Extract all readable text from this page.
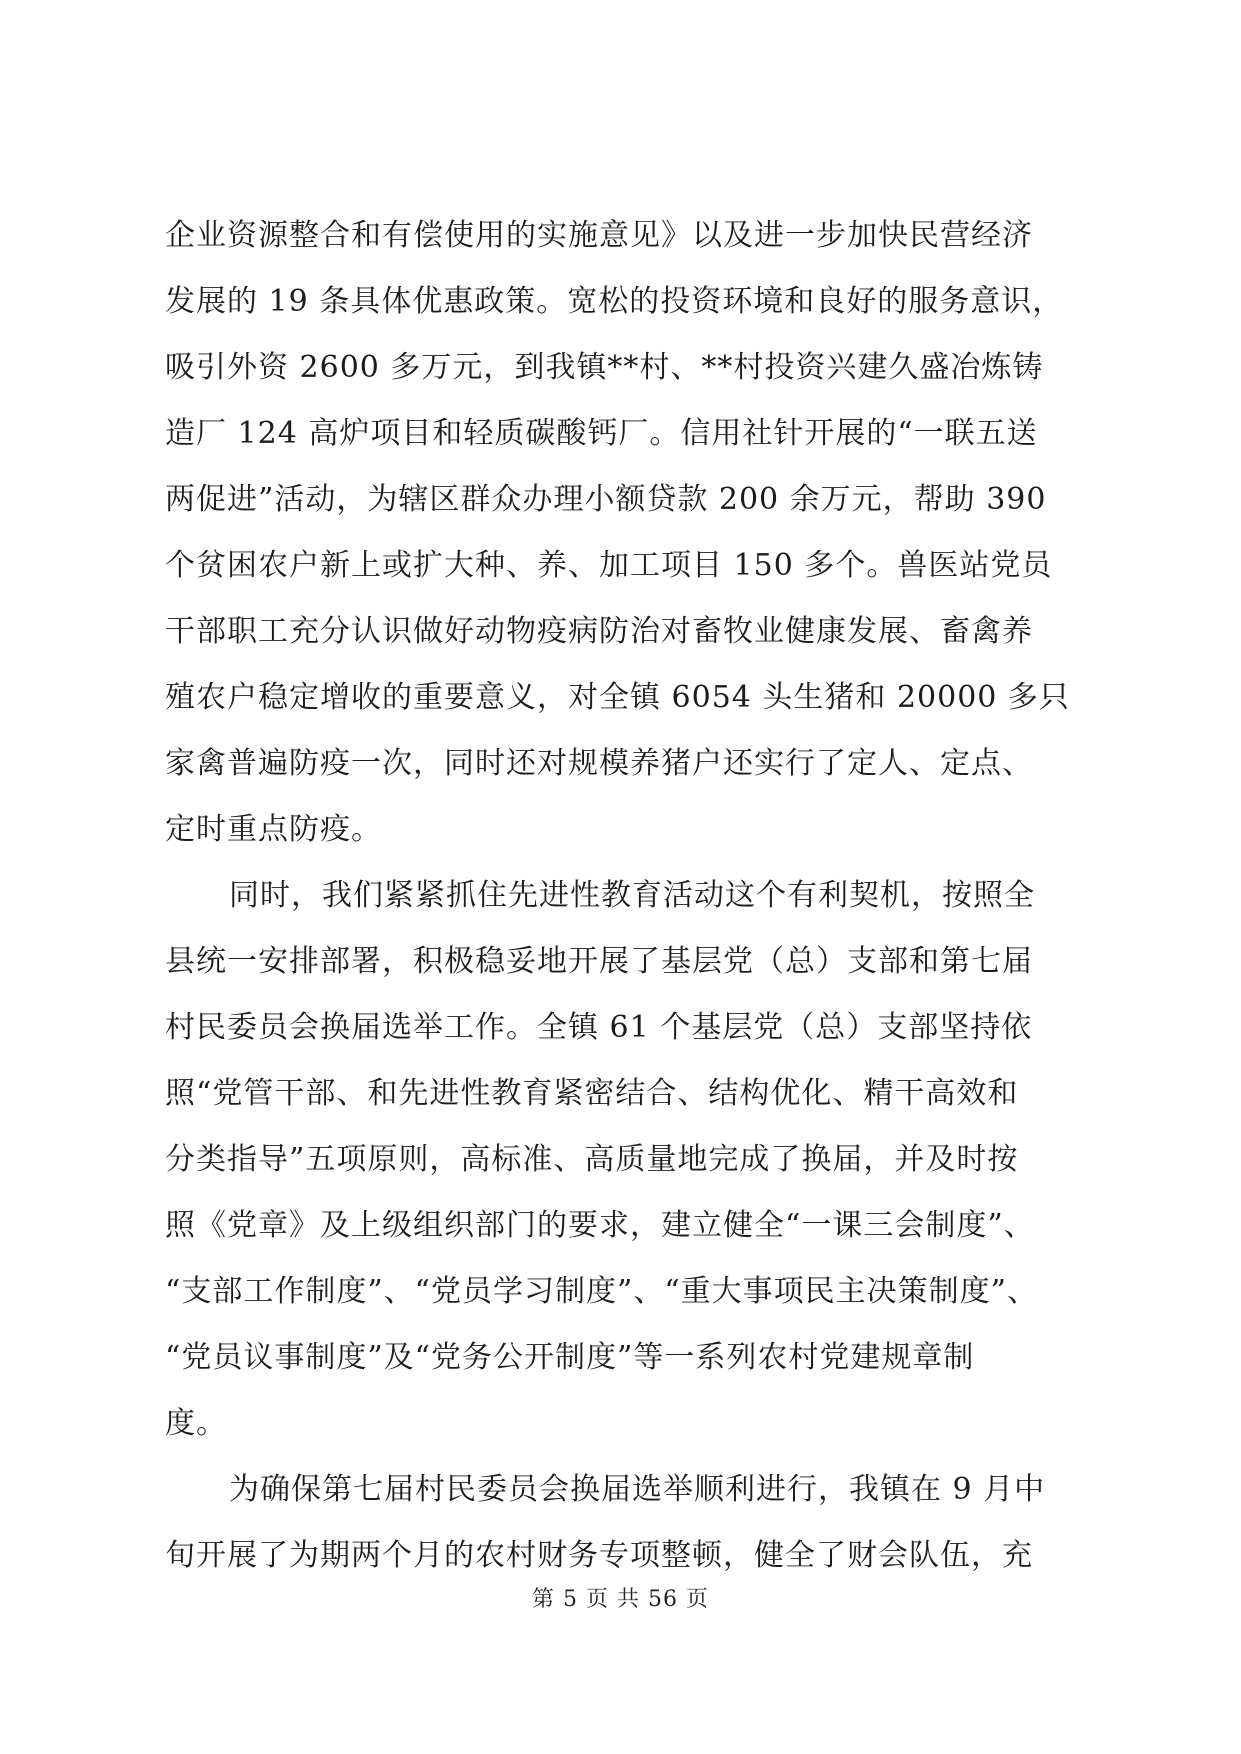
企业资源整合和有偿使用的实施意见》以及进一步加快民营经济
发展的 19 条具体优惠政策。宽松的投资环境和良好的服务意识，
吸引外资 2600 多万元，到我镇**村、**村投资兴建久盛冶炼铸
造厂 124 高炉项目和轻质碳酸钙厂。信用社针开展的“一联五送
两促进”活动，为辖区群众办理小额贷款 200 余万元，帮助 390
个贫困农户新上或扩大种、养、加工项目 150 多个。兽医站党员
干部职工充分认识做好动物疫病防治对畜牧业健康发展、畜禽养
殖农户稳定增收的重要意义，对全镇 6054 头生猪和 20000 多只
家禽普遍防疫一次，同时还对规模养猪户还实行了定人、定点、
定时重点防疫。
同时，我们紧紧抓住先进性教育活动这个有利契机，按照全
县统一安排部署，积极稳妥地开展了基层党（总）支部和第七届
村民委员会换届选举工作。全镇 61 个基层党（总）支部坚持依
照“党管干部、和先进性教育紧密结合、结构优化、精干高效和
分类指导”五项原则，高标准、高质量地完成了换届，并及时按
照《党章》及上级组织部门的要求，建立健全“一课三会制度”、
“支部工作制度”、“党员学习制度”、“重大事项民主决策制度”、
“党员议事制度”及“党务公开制度”等一系列农村党建规章制
度。
为确保第七届村民委员会换届选举顺利进行，我镇在 9 月中
旬开展了为期两个月的农村财务专项整顿，健全了财会队伍，充
第 5 页 共 56 页
